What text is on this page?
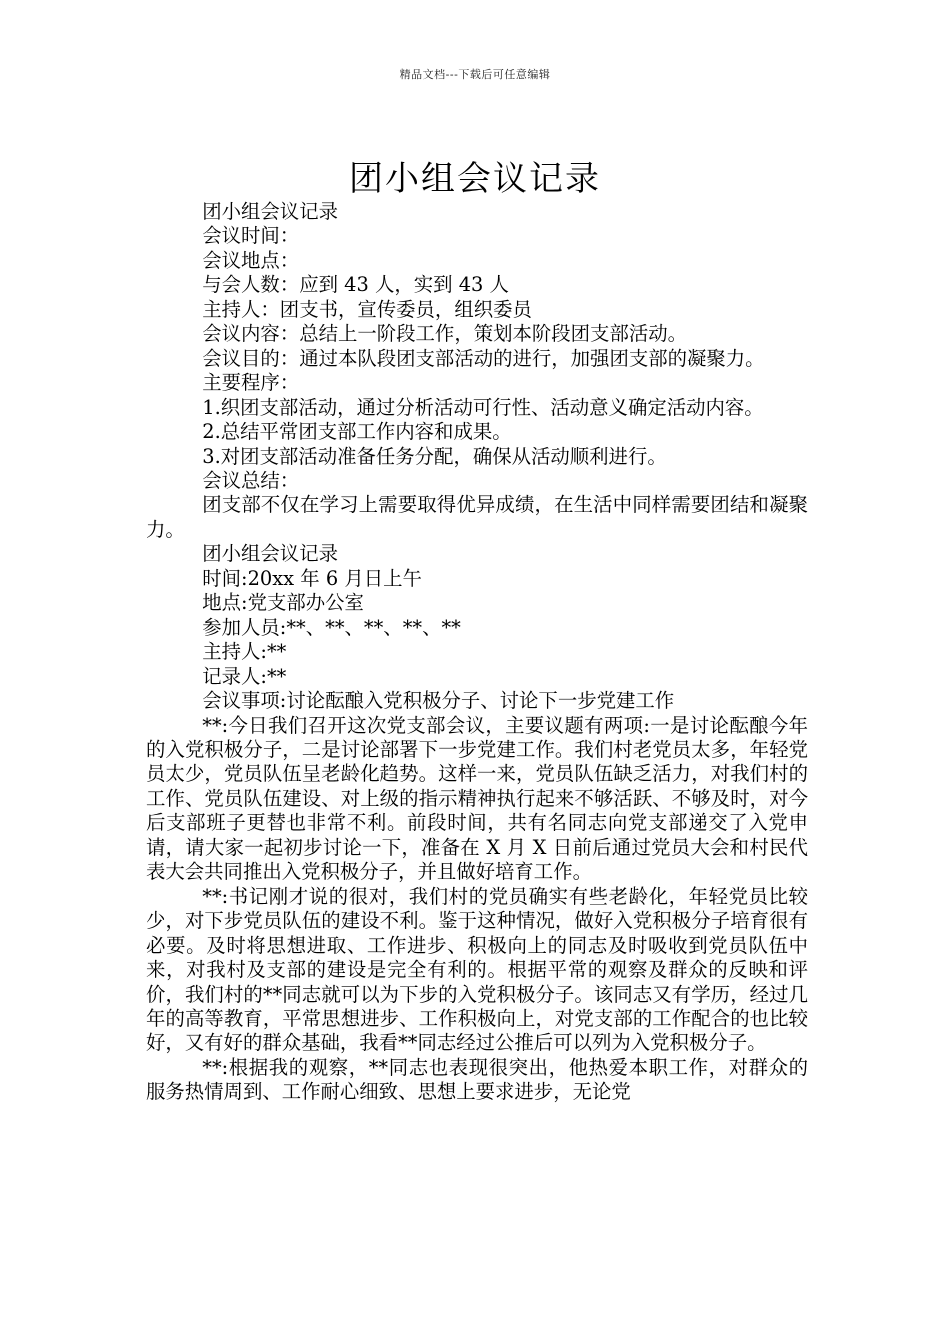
精品文档---下载后可任意编辑
团小组会议记录

团小组会议记录

会议时间：

会议地点：

与会人数：应到 43 人，实到 43 人

主持人：团支书，宣传委员，组织委员

会议内容：总结上一阶段工作，策划本阶段团支部活动。

会议目的：通过本队段团支部活动的进行，加强团支部的凝聚力。

主要程序：

1.织团支部活动，通过分析活动可行性、活动意义确定活动内容。

2.总结平常团支部工作内容和成果。

3.对团支部活动准备任务分配，确保从活动顺利进行。

会议总结：

团支部不仅在学习上需要取得优异成绩，在生活中同样需要团结和凝聚力。

团小组会议记录

时间:20xx 年 6 月日上午

地点:党支部办公室

参加人员:**、**、**、**、**

主持人:**

记录人:**

会议事项:讨论酝酿入党积极分子、讨论下一步党建工作

**:今日我们召开这次党支部会议，主要议题有两项:一是讨论酝酿今年的入党积极分子，二是讨论部署下一步党建工作。我们村老党员太多，年轻党员太少，党员队伍呈老龄化趋势。这样一来，党员队伍缺乏活力，对我们村的工作、党员队伍建设、对上级的指示精神执行起来不够活跃、不够及时，对今后支部班子更替也非常不利。前段时间，共有名同志向党支部递交了入党申请，请大家一起初步讨论一下，准备在 X 月 X 日前后通过党员大会和村民代表大会共同推出入党积极分子，并且做好培育工作。

**:书记刚才说的很对，我们村的党员确实有些老龄化，年轻党员比较少，对下步党员队伍的建设不利。鉴于这种情况，做好入党积极分子培育很有必要。及时将思想进取、工作进步、积极向上的同志及时吸收到党员队伍中来，对我村及支部的建设是完全有利的。根据平常的观察及群众的反映和评价，我们村的**同志就可以为下步的入党积极分子。该同志又有学历，经过几年的高等教育，平常思想进步、工作积极向上，对党支部的工作配合的也比较好，又有好的群众基础，我看**同志经过公推后可以列为入党积极分子。

**:根据我的观察，**同志也表现很突出，他热爱本职工作，对群众的服务热情周到、工作耐心细致、思想上要求进步，无论党
